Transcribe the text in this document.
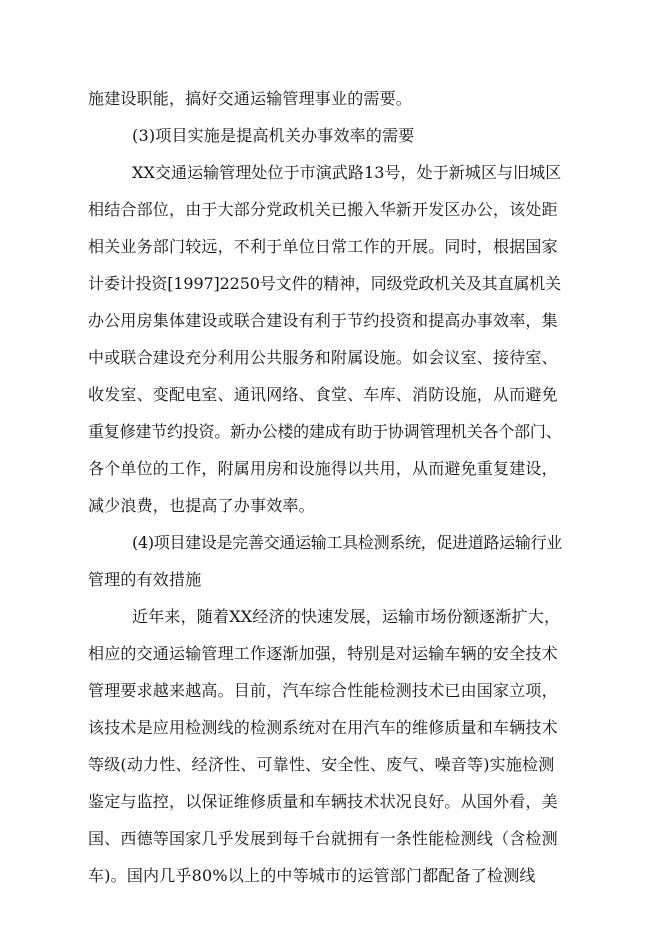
施建设职能，搞好交通运输管理事业的需要。
(3)项目实施是提高机关办事效率的需要
XX交通运输管理处位于市演武路13号，处于新城区与旧城区
相结合部位，由于大部分党政机关已搬入华新开发区办公，该处距
相关业务部门较远，不利于单位日常工作的开展。同时，根据国家
计委计投资[1997]2250号文件的精神，同级党政机关及其直属机关
办公用房集体建设或联合建设有利于节约投资和提高办事效率，集
中或联合建设充分利用公共服务和附属设施。如会议室、接待室、
收发室、变配电室、通讯网络、食堂、车库、消防设施，从而避免
重复修建节约投资。新办公楼的建成有助于协调管理机关各个部门、
各个单位的工作，附属用房和设施得以共用，从而避免重复建设，
减少浪费，也提高了办事效率。
(4)项目建设是完善交通运输工具检测系统，促进道路运输行业
管理的有效措施
近年来，随着XX经济的快速发展，运输市场份额逐渐扩大，
相应的交通运输管理工作逐渐加强，特别是对运输车辆的安全技术
管理要求越来越高。目前，汽车综合性能检测技术已由国家立项，
该技术是应用检测线的检测系统对在用汽车的维修质量和车辆技术
等级(动力性、经济性、可靠性、安全性、废气、噪音等)实施检测
鉴定与监控，以保证维修质量和车辆技术状况良好。从国外看，美
国、西德等国家几乎发展到每千台就拥有一条性能检测线（含检测
车)。国内几乎80%以上的中等城市的运管部门都配备了检测线
